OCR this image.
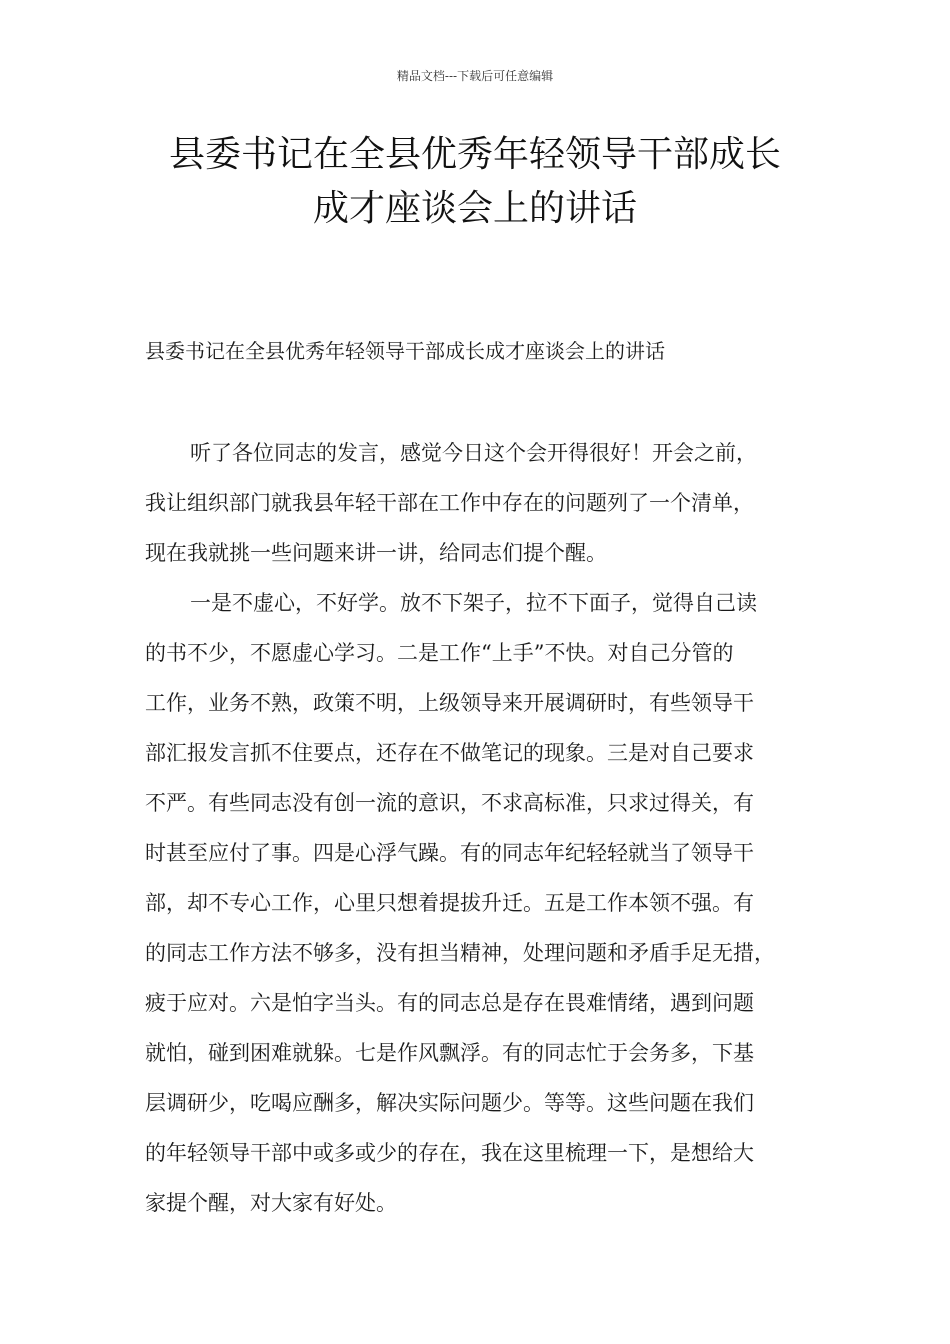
精品文档---下载后可任意编辑
县委书记在全县优秀年轻领导干部成长
成才座谈会上的讲话
县委书记在全县优秀年轻领导干部成长成才座谈会上的讲话
听了各位同志的发言，感觉今日这个会开得很好！开会之前，
我让组织部门就我县年轻干部在工作中存在的问题列了一个清单，
现在我就挑一些问题来讲一讲，给同志们提个醒。
一是不虚心，不好学。放不下架子，拉不下面子，觉得自己读
的书不少，不愿虚心学习。二是工作“上手”不快。对自己分管的
工作，业务不熟，政策不明，上级领导来开展调研时，有些领导干
部汇报发言抓不住要点，还存在不做笔记的现象。三是对自己要求
不严。有些同志没有创一流的意识，不求高标准，只求过得关，有
时甚至应付了事。四是心浮气躁。有的同志年纪轻轻就当了领导干
部，却不专心工作，心里只想着提拔升迁。五是工作本领不强。有
的同志工作方法不够多，没有担当精神，处理问题和矛盾手足无措，
疲于应对。六是怕字当头。有的同志总是存在畏难情绪，遇到问题
就怕，碰到困难就躲。七是作风飘浮。有的同志忙于会务多，下基
层调研少，吃喝应酬多，解决实际问题少。等等。这些问题在我们
的年轻领导干部中或多或少的存在，我在这里梳理一下，是想给大
家提个醒，对大家有好处。
